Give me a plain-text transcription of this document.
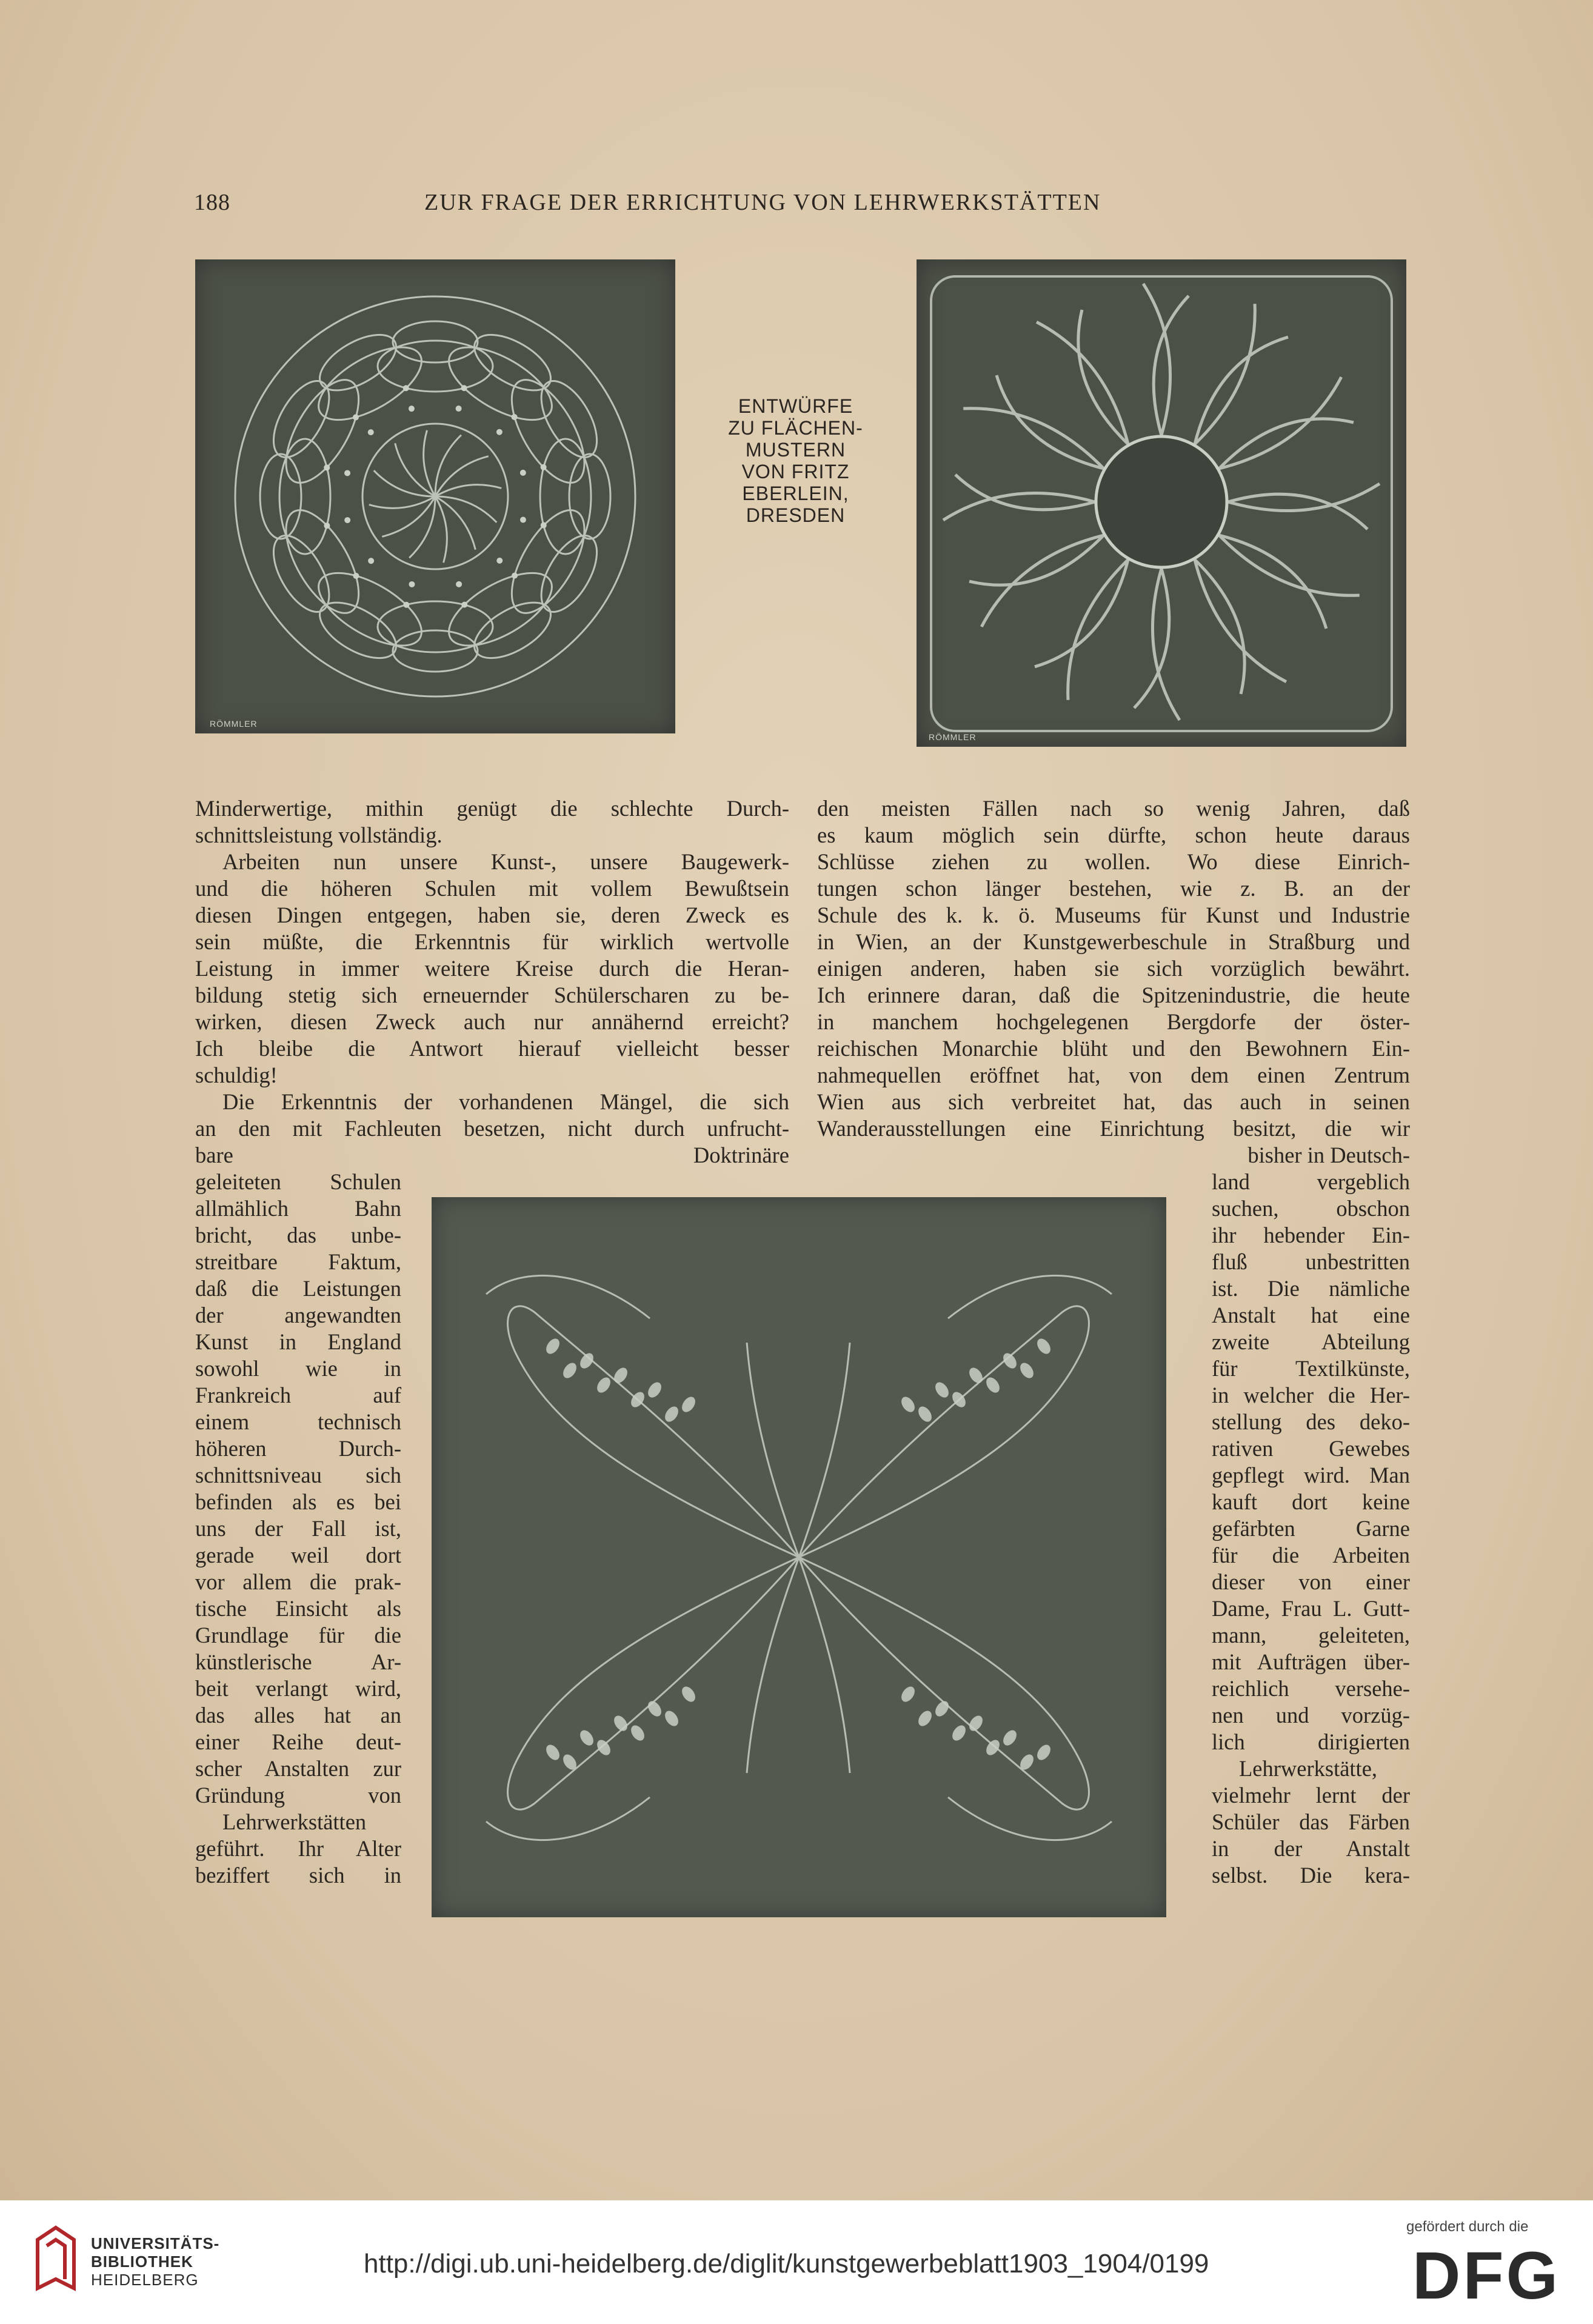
188	ZUR FRAGE DER ERRICHTUNG VON LEHRWERKSTÄTTEN
RÖMMLER
ENTWÜRFE
ZU FLÄCHEN-
MUSTERN
VON FRITZ
EBERLEIN,
DRESDEN
RÖMMLER
Minderwertige, mithin genügt die schlechte Durch-
schnittsleistung vollständig.
Arbeiten nun unsere Kunst-, unsere Baugewerk-
und die höheren Schulen mit vollem Bewußtsein
diesen Dingen entgegen, haben sie, deren Zweck es
sein müßte, die Erkenntnis für wirklich wertvolle
Leistung in immer weitere Kreise durch die Heran-
bildung stetig sich erneuernder Schülerscharen zu be-
wirken, diesen Zweck auch nur annähernd erreicht?
Ich bleibe die Antwort hierauf vielleicht besser
schuldig!
Die Erkenntnis der vorhandenen Mängel, die sich
an den mit Fachleuten besetzen, nicht durch unfrucht-
bare Doktrinäre
den meisten Fällen nach so wenig Jahren, daß
es kaum möglich sein dürfte, schon heute daraus
Schlüsse ziehen zu wollen. Wo diese Einrich-
tungen schon länger bestehen, wie z. B. an der
Schule des k. k. ö. Museums für Kunst und Industrie
in Wien, an der Kunstgewerbeschule in Straßburg und
einigen anderen, haben sie sich vorzüglich bewährt.
Ich erinnere daran, daß die Spitzenindustrie, die heute
in manchem hochgelegenen Bergdorfe der öster-
reichischen Monarchie blüht und den Bewohnern Ein-
nahmequellen eröffnet hat, von dem einen Zentrum
Wien aus sich verbreitet hat, das auch in seinen
Wanderausstellungen eine Einrichtung besitzt, die wir
bisher in Deutsch-
geleiteten Schulen
allmählich Bahn
bricht, das unbe-
streitbare Faktum,
daß die Leistungen
der angewandten
Kunst in England
sowohl wie in
Frankreich auf
einem technisch
höheren Durch-
schnittsniveau sich
befinden als es bei
uns der Fall ist,
gerade weil dort
vor allem die prak-
tische Einsicht als
Grundlage für die
künstlerische Ar-
beit verlangt wird,
das alles hat an
einer Reihe deut-
scher Anstalten zur
Gründung von
Lehrwerkstätten
geführt. Ihr Alter
beziffert sich in
land vergeblich
suchen, obschon
ihr hebender Ein-
fluß unbestritten
ist. Die nämliche
Anstalt hat eine
zweite Abteilung
für Textilkünste,
in welcher die Her-
stellung des deko-
rativen Gewebes
gepflegt wird. Man
kauft dort keine
gefärbten Garne
für die Arbeiten
dieser von einer
Dame, Frau L. Gutt-
mann, geleiteten,
mit Aufträgen über-
reichlich versehe-
nen und vorzüg-
lich dirigierten
Lehrwerkstätte,
vielmehr lernt der
Schüler das Färben
in der Anstalt
selbst. Die kera-
UNIVERSITÄTS-
BIBLIOTHEK
HEIDELBERG
http://digi.ub.uni-heidelberg.de/diglit/kunstgewerbeblatt1903_1904/0199
gefördert durch die
DFG
